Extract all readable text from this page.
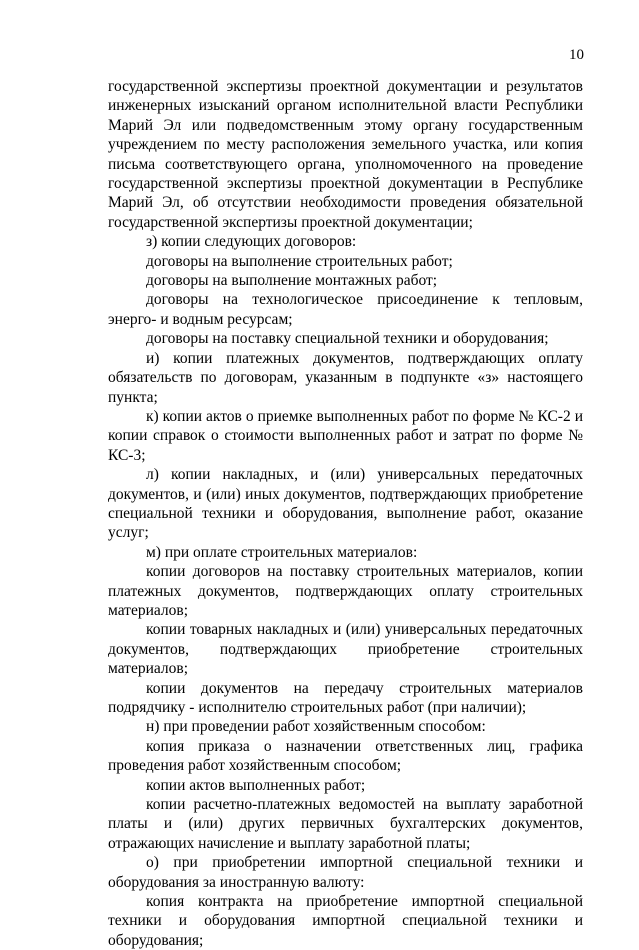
10

государственной экспертизы проектной документации и результатов инженерных изысканий органом исполнительной власти Республики Марий Эл или подведомственным этому органу государственным учреждением по месту расположения земельного участка, или копия письма соответствующего органа, уполномоченного на проведение государственной экспертизы проектной документации в Республике Марий Эл, об отсутствии необходимости проведения обязательной государственной экспертизы проектной документации;

з) копии следующих договоров:

договоры на выполнение строительных работ;

договоры на выполнение монтажных работ;

договоры на технологическое присоединение к тепловым, энерго- и водным ресурсам;

договоры на поставку специальной техники и оборудования;

и) копии платежных документов, подтверждающих оплату обязательств по договорам, указанным в подпункте «з» настоящего пункта;

к) копии актов о приемке выполненных работ по форме № КС-2 и копии справок о стоимости выполненных работ и затрат по форме № КС-3;

л) копии накладных, и (или) универсальных передаточных документов, и (или) иных документов, подтверждающих приобретение специальной техники и оборудования, выполнение работ, оказание услуг;

м) при оплате строительных материалов:

копии договоров на поставку строительных материалов, копии платежных документов, подтверждающих оплату строительных материалов;

копии товарных накладных и (или) универсальных передаточных документов, подтверждающих приобретение строительных материалов;

копии документов на передачу строительных материалов подрядчику - исполнителю строительных работ (при наличии);

н) при проведении работ хозяйственным способом:

копия приказа о назначении ответственных лиц, графика проведения работ хозяйственным способом;

копии актов выполненных работ;

копии расчетно-платежных ведомостей на выплату заработной платы и (или) других первичных бухгалтерских документов, отражающих начисление и выплату заработной платы;

о) при приобретении импортной специальной техники и оборудования за иностранную валюту:

копия контракта на приобретение импортной специальной техники и оборудования импортной специальной техники и оборудования;
